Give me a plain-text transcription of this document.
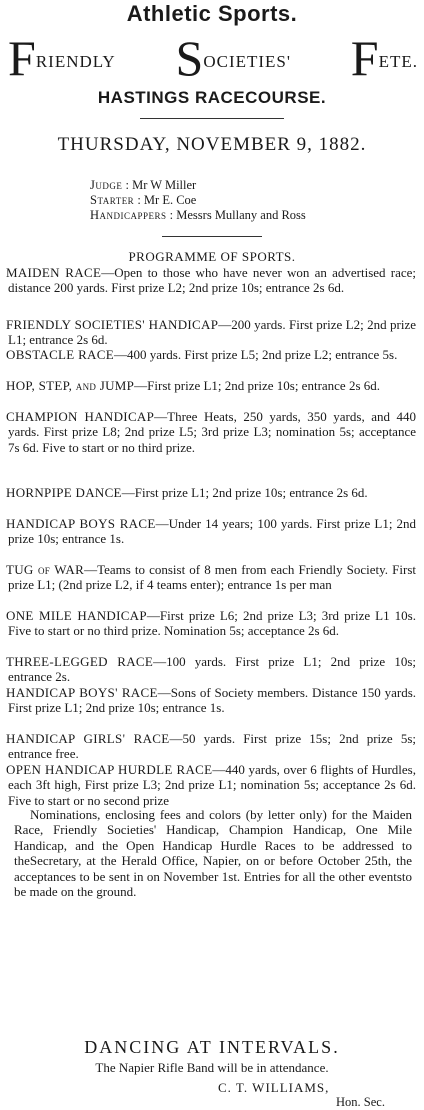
Athletic Sports.
F RIENDLY S OCIETIES' F ETE.
HASTINGS RACECOURSE.
THURSDAY, NOVEMBER 9, 1882.
Judge : Mr W Miller
Starter : Mr E. Coe
Handicappers : Messrs Mullany and Ross
PROGRAMME OF SPORTS.
MAIDEN RACE—Open to those who have never won an advertised race; distance 200 yards. First prize L2; 2nd prize 10s; entrance 2s 6d.
FRIENDLY SOCIETIES' HANDICAP—200 yards. First prize L2; 2nd prize L1; entrance 2s 6d.
OBSTACLE RACE—400 yards. First prize L5; 2nd prize L2; entrance 5s.
HOP, STEP, and JUMP—First prize L1; 2nd prize 10s; entrance 2s 6d.
CHAMPION HANDICAP—Three Heats, 250 yards, 350 yards, and 440 yards. First prize L8; 2nd prize L5; 3rd prize L3; nomination 5s; acceptance 7s 6d. Five to start or no third prize.
HORNPIPE DANCE—First prize L1; 2nd prize 10s; entrance 2s 6d.
HANDICAP BOYS RACE—Under 14 years; 100 yards. First prize L1; 2nd prize 10s; entrance 1s.
TUG of WAR—Teams to consist of 8 men from each Friendly Society. First prize L1; (2nd prize L2, if 4 teams enter); entrance 1s per man
ONE MILE HANDICAP—First prize L6; 2nd prize L3; 3rd prize L1 10s. Five to start or no third prize. Nomination 5s; acceptance 2s 6d.
THREE-LEGGED RACE—100 yards. First prize L1; 2nd prize 10s; entrance 2s.
HANDICAP BOYS' RACE—Sons of Society members. Distance 150 yards. First prize L1; 2nd prize 10s; entrance 1s.
HANDICAP GIRLS' RACE—50 yards. First prize 15s; 2nd prize 5s; entrance free.
OPEN HANDICAP HURDLE RACE—440 yards, over 6 flights of Hurdles, each 3ft high, First prize L3; 2nd prize L1; nomination 5s; acceptance 2s 6d. Five to start or no second prize
Nominations, enclosing fees and colors (by letter only) for the Maiden Race, Friendly Societies' Handicap, Champion Handicap, One Mile Handicap, and the Open Handicap Hurdle Races to be addressed to theSecretary, at the Herald Office, Napier, on or before October 25th, the acceptances to be sent in on November 1st. Entries for all the other eventsto be made on the ground.
DANCING AT INTERVALS.
The Napier Rifle Band will be in attendance.
C. T. WILLIAMS,
Hon. Sec.
